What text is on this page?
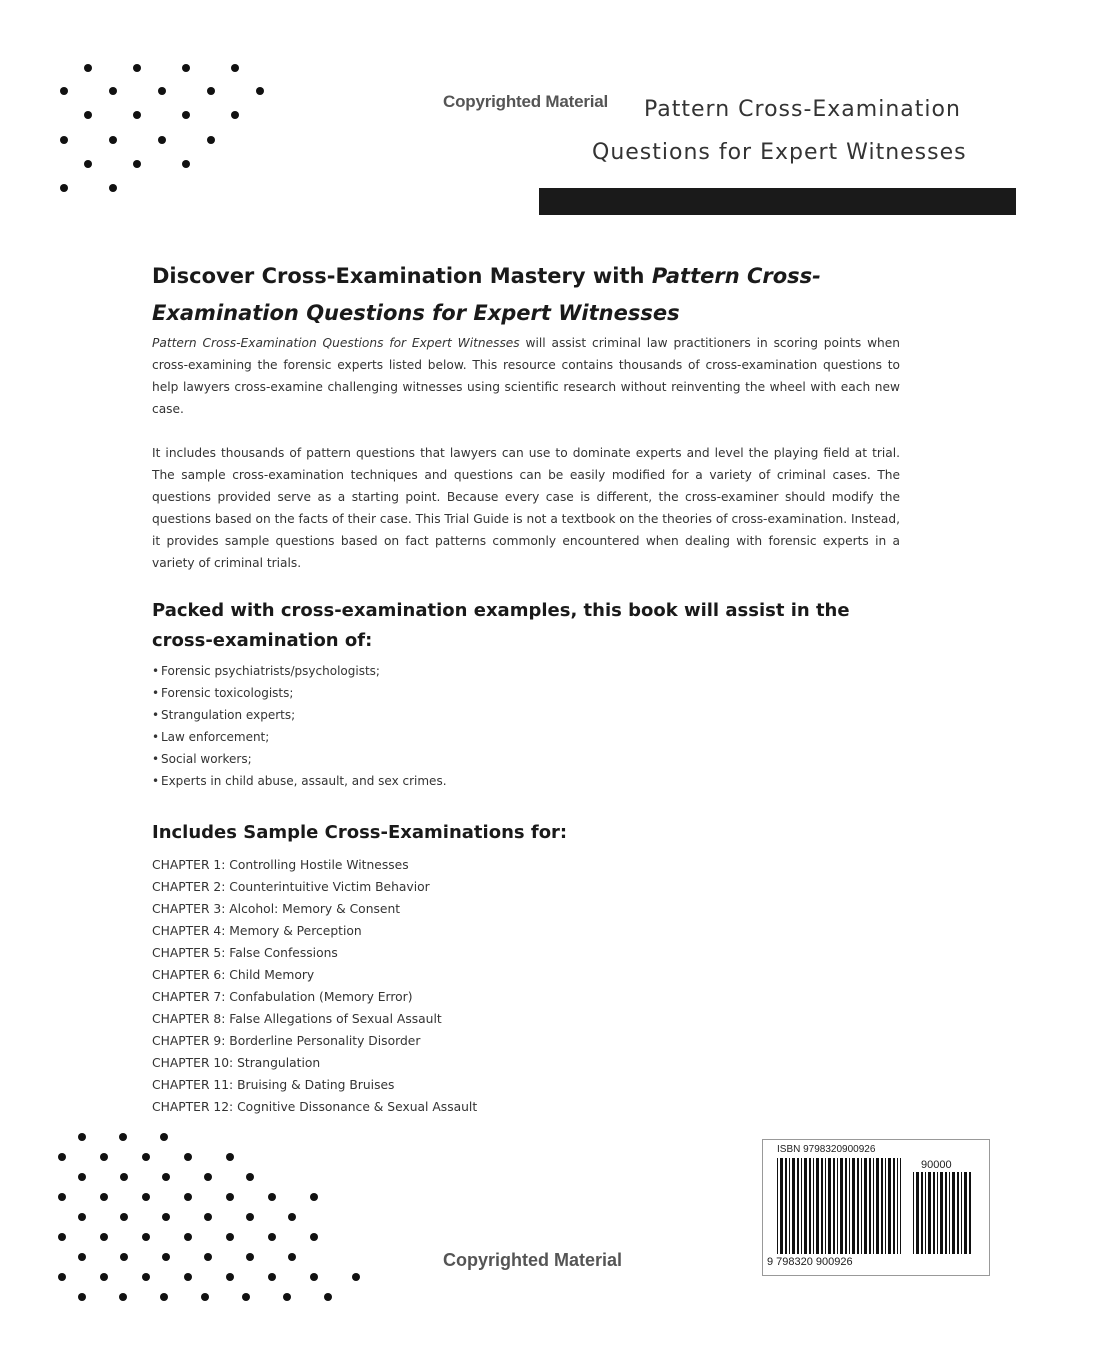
Copyrighted Material Pattern Cross-Examination
Questions for Expert Witnesses
Discover Cross-Examination Mastery with Pattern Cross-Examination Questions for Expert Witnesses

Pattern Cross-Examination Questions for Expert Witnesses will assist criminal law practitioners in scoring points when cross-examining the forensic experts listed below. This resource contains thousands of cross-examination questions to help lawyers cross-examine challenging witnesses using scientific research without reinventing the wheel with each new case.

It includes thousands of pattern questions that lawyers can use to dominate experts and level the playing field at trial. The sample cross-examination techniques and questions can be easily modified for a variety of criminal cases. The questions provided serve as a starting point. Because every case is different, the cross-examiner should modify the questions based on the facts of their case. This Trial Guide is not a textbook on the theories of cross-examination. Instead, it provides sample questions based on fact patterns commonly encountered when dealing with forensic experts in a variety of criminal trials.

Packed with cross-examination examples, this book will assist in the cross-examination of:
• Forensic psychiatrists/psychologists;
• Forensic toxicologists;
• Strangulation experts;
• Law enforcement;
• Social workers;
• Experts in child abuse, assault, and sex crimes.
Includes Sample Cross-Examinations for:
CHAPTER 1: Controlling Hostile Witnesses
CHAPTER 2: Counterintuitive Victim Behavior
CHAPTER 3: Alcohol: Memory & Consent
CHAPTER 4: Memory & Perception
CHAPTER 5: False Confessions
CHAPTER 6: Child Memory
CHAPTER 7: Confabulation (Memory Error)
CHAPTER 8: False Allegations of Sexual Assault
CHAPTER 9: Borderline Personality Disorder
CHAPTER 10: Strangulation
CHAPTER 11: Bruising & Dating Bruises
CHAPTER 12: Cognitive Dissonance & Sexual Assault
Copyrighted Material
ISBN 9798320900926
90000
9 798320 900926
